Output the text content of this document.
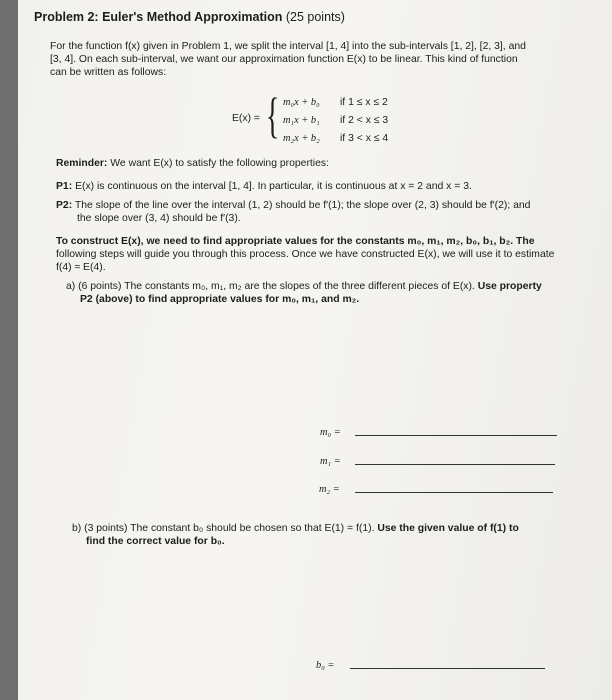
Problem 2: Euler's Method Approximation (25 points)
For the function f(x) given in Problem 1, we split the interval [1, 4] into the sub-intervals [1, 2], [2, 3], and
[3, 4]. On each sub-interval, we want our approximation function E(x) to be linear. This kind of function
can be written as follows:
E(x) = { m₀x + b₀ if 1 ≤ x ≤ 2
m₁x + b₁ if 2 < x ≤ 3
m₂x + b₂ if 3 < x ≤ 4
Reminder: We want E(x) to satisfy the following properties:
P1: E(x) is continuous on the interval [1, 4]. In particular, it is continuous at x = 2 and x = 3.
P2: The slope of the line over the interval (1, 2) should be f′(1); the slope over (2, 3) should be f′(2); and
the slope over (3, 4) should be f′(3).
To construct E(x), we need to find appropriate values for the constants m₀, m₁, m₂, b₀, b₁, b₂. The
following steps will guide you through this process. Once we have constructed E(x), we will use it to estimate
f(4) ≈ E(4).
a) (6 points) The constants m₀, m₁, m₂ are the slopes of the three different pieces of E(x). Use property
P2 (above) to find appropriate values for m₀, m₁, and m₂.
m₀ =
m₁ =
m₂ =
b) (3 points) The constant b₀ should be chosen so that E(1) = f(1). Use the given value of f(1) to
find the correct value for b₀.
b₀ =
